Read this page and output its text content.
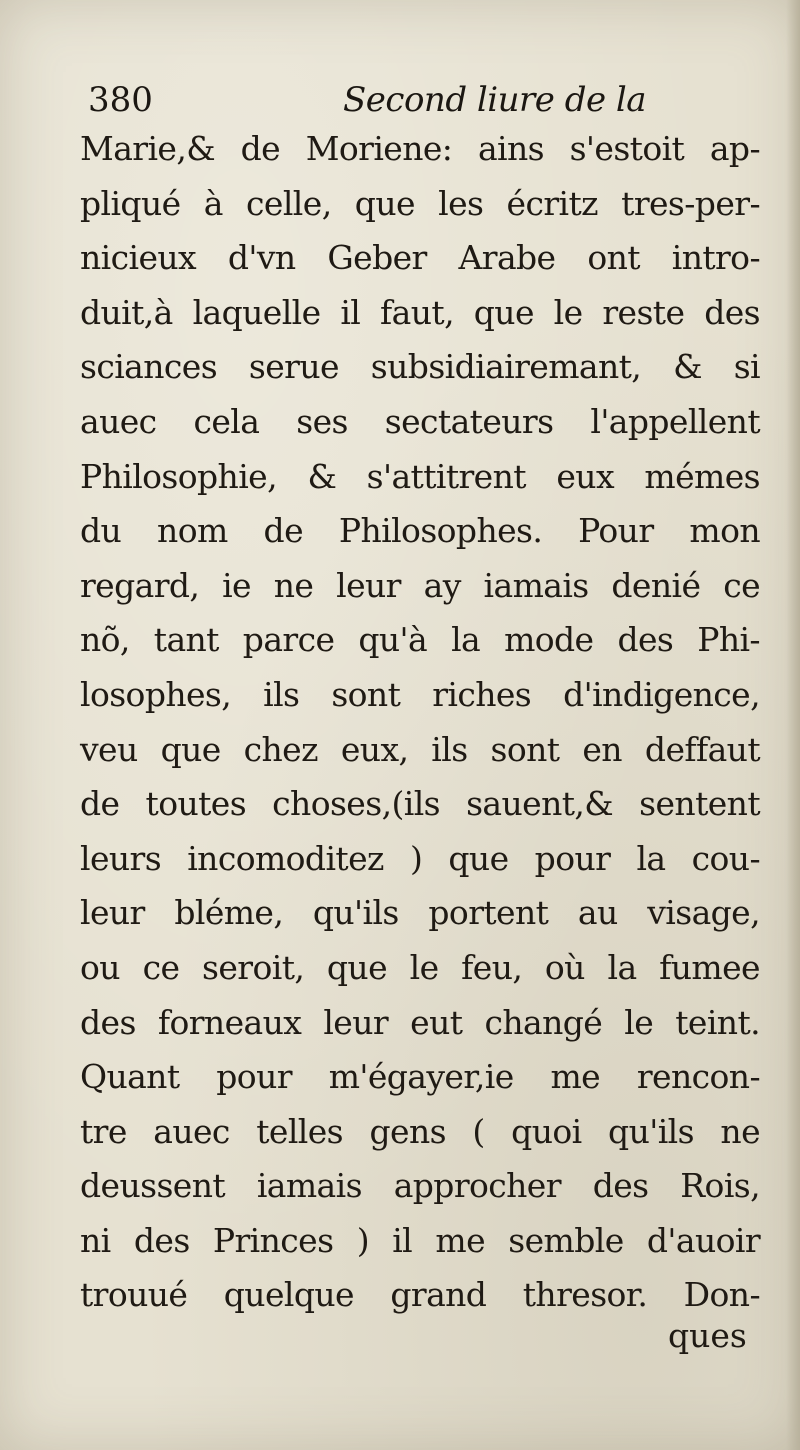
380	Second liure de la
Marie,& de Moriene: ains s'estoit ap-
pliqué à celle, que les écritz tres-per-
nicieux d'vn Geber Arabe ont intro-
duit,à laquelle il faut, que le reste des
sciances serue subsidiairemant, & si
auec cela ses sectateurs l'appellent
Philosophie, & s'attitrent eux mémes
du nom de Philosophes. Pour mon
regard, ie ne leur ay iamais denié ce
nõ, tant parce qu'à la mode des Phi-
losophes, ils sont riches d'indigence,
veu que chez eux, ils sont en deffaut
de toutes choses,(ils sauent,& sentent
leurs incomoditez ) que pour la cou-
leur bléme, qu'ils portent au visage,
ou ce seroit, que le feu, où la fumee
des forneaux leur eut changé le teint.
Quant pour m'égayer,ie me rencon-
tre auec telles gens ( quoi qu'ils ne
deussent iamais approcher des Rois,
ni des Princes ) il me semble d'auoir
trouué quelque grand thresor. Don-
ques
